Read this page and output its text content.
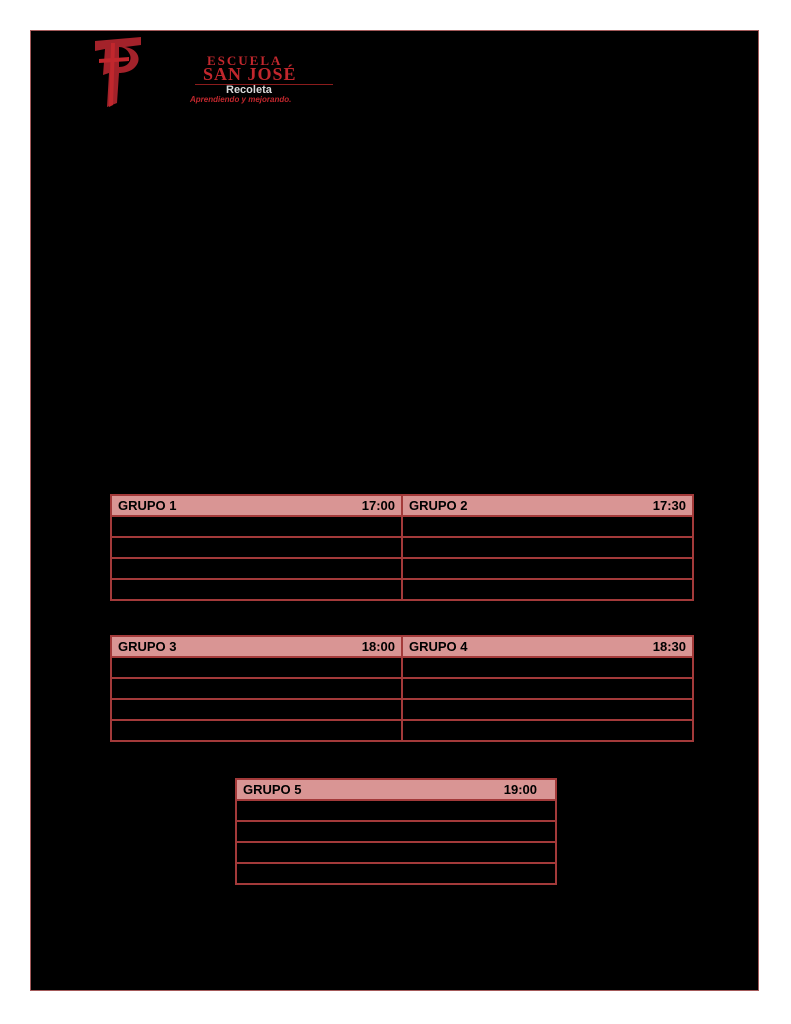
ESCUELA
SAN JOSÉ
Recoleta
Aprendiendo y mejorando.
GRUPO 1 17:00	GRUPO 2 17:30

GRUPO 3 18:00	GRUPO 4 18:30

GRUPO 5	19:00
